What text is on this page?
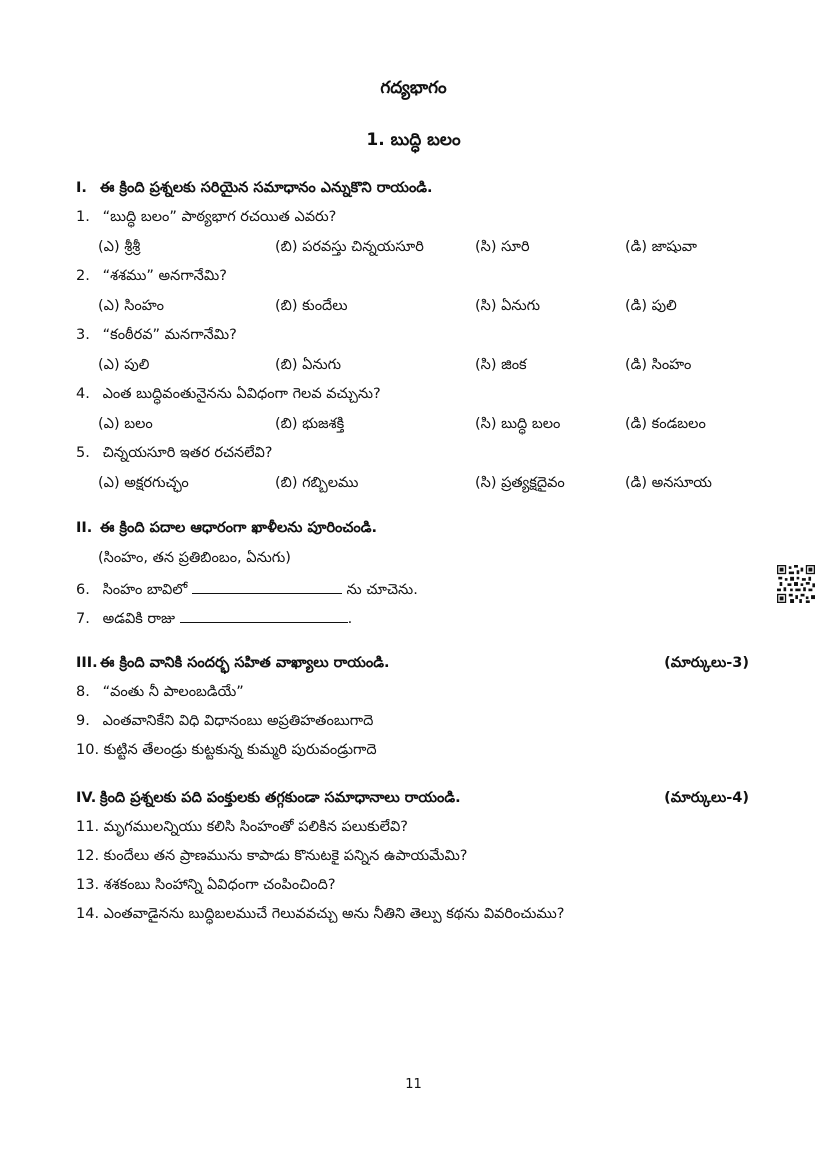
గద్యభాగం
1. బుద్ధి బలం
I. ఈ క్రింది ప్రశ్నలకు సరియైన సమాధానం ఎన్నుకొని రాయండి.
1. “బుద్ధి బలం” పాఠ్యభాగ రచయిత ఎవరు?
(ఎ) శ్రీశ్రీ	(బి) పరవస్తు చిన్నయసూరి	(సి) సూరి	(డి) జాషువా
2. “శశము” అనగానేమి?
(ఎ) సింహం	(బి) కుందేలు	(సి) ఏనుగు	(డి) పులి
3. “కంఠీరవ” మనగానేమి?
(ఎ) పులి	(బి) ఏనుగు	(సి) జింక	(డి) సింహం
4. ఎంత బుద్ధివంతునైనను ఏవిధంగా గెలవ వచ్చును?
(ఎ) బలం	(బి) భుజశక్తి	(సి) బుద్ధి బలం	(డి) కండబలం
5. చిన్నయసూరి ఇతర రచనలేవి?
(ఎ) అక్షరగుచ్ఛం	(బి) గబ్బిలము	(సి) ప్రత్యక్షదైవం	(డి) అనసూయ
II. ఈ క్రింది పదాల ఆధారంగా ఖాళీలను పూరించండి.
(సింహం, తన ప్రతిబింబం, ఏనుగు)
6. సింహం బావిలో	ను చూచెను.
7. అడవికి రాజు	.
III. ఈ క్రింది వానికి సందర్భ సహిత వాఖ్యాలు రాయండి.	(మార్కులు-3)
8. “వంతు నీ పాలంబడియే”
9. ఎంతవానికేని విధి విధానంబు అప్రతిహతంబుగాదె
10. కుట్టిన తేలండ్రు కుట్టకున్న కుమ్మరి పురువండ్రుగాదె
IV. క్రింది ప్రశ్నలకు పది పంక్తులకు తగ్గకుండా సమాధానాలు రాయండి.	(మార్కులు-4)
11. మృగములన్నియు కలిసి సింహంతో పలికిన పలుకులేవి?
12. కుందేలు తన ప్రాణమును కాపాడు కొనుటకై పన్నిన ఉపాయమేమి?
13. శశకంబు సింహాన్ని ఏవిధంగా చంపించింది?
14. ఎంతవాడైనను బుద్ధిబలముచే గెలువవచ్చు అను నీతిని తెల్పు కథను వివరించుము?
11
